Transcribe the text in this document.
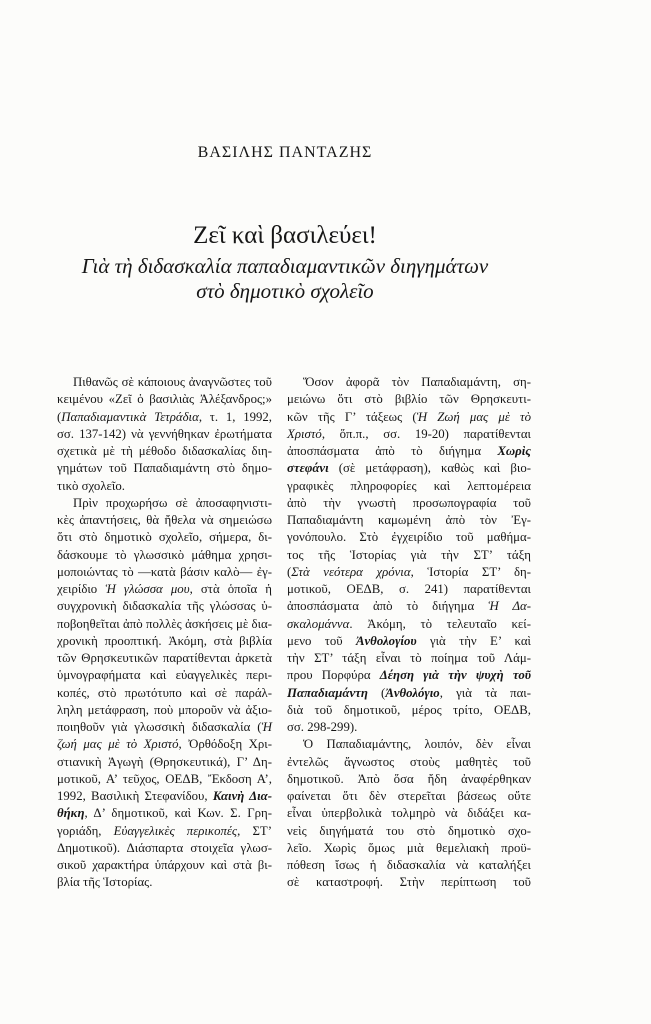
ΒΑΣΙΛΗΣ ΠΑΝΤΑΖΗΣ
Ζεῖ καὶ βασιλεύει!
Γιὰ τὴ διδασκαλία παπαδιαμαντικῶν διηγημάτων
στὸ δημοτικὸ σχολεῖο
Πιθανῶς σὲ κάποιους ἀναγνῶστες τοῦ
κειμένου «Ζεῖ ὁ βασιλιὰς Ἀλέξανδρος;»
(Παπαδιαμαντικὰ Τετράδια, τ. 1, 1992,
σσ. 137-142) νὰ γεννήθηκαν ἐρωτήματα
σχετικὰ μὲ τὴ μέθοδο διδασκαλίας διη-
γημάτων τοῦ Παπαδιαμάντη στὸ δημο-
τικὸ σχολεῖο.
Πρὶν προχωρήσω σὲ ἀποσαφηνιστι-
κὲς ἀπαντήσεις, θὰ ἤθελα νὰ σημειώσω
ὅτι στὸ δημοτικὸ σχολεῖο, σήμερα, δι-
δάσκουμε τὸ γλωσσικὸ μάθημα χρησι-
μοποιώντας τὸ —κατὰ βάσιν καλὸ— ἐγ-
χειρίδιο Ἡ γλώσσα μου, στὰ ὁποῖα ἡ
συγχρονικὴ διδασκαλία τῆς γλώσσας ὑ-
ποβοηθεῖται ἀπὸ πολλὲς ἀσκήσεις μὲ δια-
χρονικὴ προοπτική. Ἀκόμη, στὰ βιβλία
τῶν Θρησκευτικῶν παρατίθενται ἀρκετὰ
ὑμνογραφήματα καὶ εὐαγγελικὲς περι-
κοπές, στὸ πρωτότυπο καὶ σὲ παράλ-
ληλη μετάφραση, ποὺ μποροῦν νὰ ἀξιο-
ποιηθοῦν γιὰ γλωσσικὴ διδασκαλία (Ἡ
ζωή μας μὲ τὸ Χριστό, Ὀρθόδοξη Χρι-
στιανικὴ Ἀγωγὴ (Θρησκευτικά), Γ’ Δη-
μοτικοῦ, Α’ τεῦχος, ΟΕΔΒ, Ἔκδοση Α’,
1992, Βασιλικὴ Στεφανίδου, Καινὴ Δια-
θήκη, Δ’ δημοτικοῦ, καὶ Κων. Σ. Γρη-
γοριάδη, Εὐαγγελικὲς περικοπές, ΣΤ’
Δημοτικοῦ). Διάσπαρτα στοιχεῖα γλωσ-
σικοῦ χαρακτήρα ὑπάρχουν καὶ στὰ βι-
βλία τῆς Ἱστορίας.
Ὅσον ἀφορᾶ τὸν Παπαδιαμάντη, ση-
μειώνω ὅτι στὸ βιβλίο τῶν Θρησκευτι-
κῶν τῆς Γ’ τάξεως (Ἡ Ζωή μας μὲ τὸ
Χριστό, ὅπ.π., σσ. 19-20) παρατίθενται
ἀποσπάσματα ἀπὸ τὸ διήγημα Χωρὶς
στεφάνι (σὲ μετάφραση), καθὼς καὶ βιο-
γραφικὲς πληροφορίες καὶ λεπτομέρεια
ἀπὸ τὴν γνωστὴ προσωπογραφία τοῦ
Παπαδιαμάντη καμωμένη ἀπὸ τὸν Ἐγ-
γονόπουλο. Στὸ ἐγχειρίδιο τοῦ μαθήμα-
τος τῆς Ἱστορίας γιὰ τὴν ΣΤ’ τάξη
(Στὰ νεότερα χρόνια, Ἱστορία ΣΤ’ δη-
μοτικοῦ, ΟΕΔΒ, σ. 241) παρατίθενται
ἀποσπάσματα ἀπὸ τὸ διήγημα Ἡ Δα-
σκαλομάννα. Ἀκόμη, τὸ τελευταῖο κεί-
μενο τοῦ Ἀνθολογίου γιὰ τὴν Ε’ καὶ
τὴν ΣΤ’ τάξη εἶναι τὸ ποίημα τοῦ Λάμ-
πρου Πορφύρα Δέηση γιὰ τὴν ψυχὴ τοῦ
Παπαδιαμάντη (Ἀνθολόγιο, γιὰ τὰ παι-
διὰ τοῦ δημοτικοῦ, μέρος τρίτο, ΟΕΔΒ,
σσ. 298-299).
Ὁ Παπαδιαμάντης, λοιπόν, δὲν εἶναι
ἐντελῶς ἄγνωστος στοὺς μαθητὲς τοῦ
δημοτικοῦ. Ἀπὸ ὅσα ἤδη ἀναφέρθηκαν
φαίνεται ὅτι δὲν στερεῖται βάσεως οὔτε
εἶναι ὑπερβολικὰ τολμηρὸ νὰ διδάξει κα-
νεὶς διηγήματά του στὸ δημοτικὸ σχο-
λεῖο. Χωρὶς ὅμως μιὰ θεμελιακὴ προϋ-
πόθεση ἴσως ἡ διδασκαλία νὰ καταλήξει
σὲ καταστροφή. Στὴν περίπτωση τοῦ
